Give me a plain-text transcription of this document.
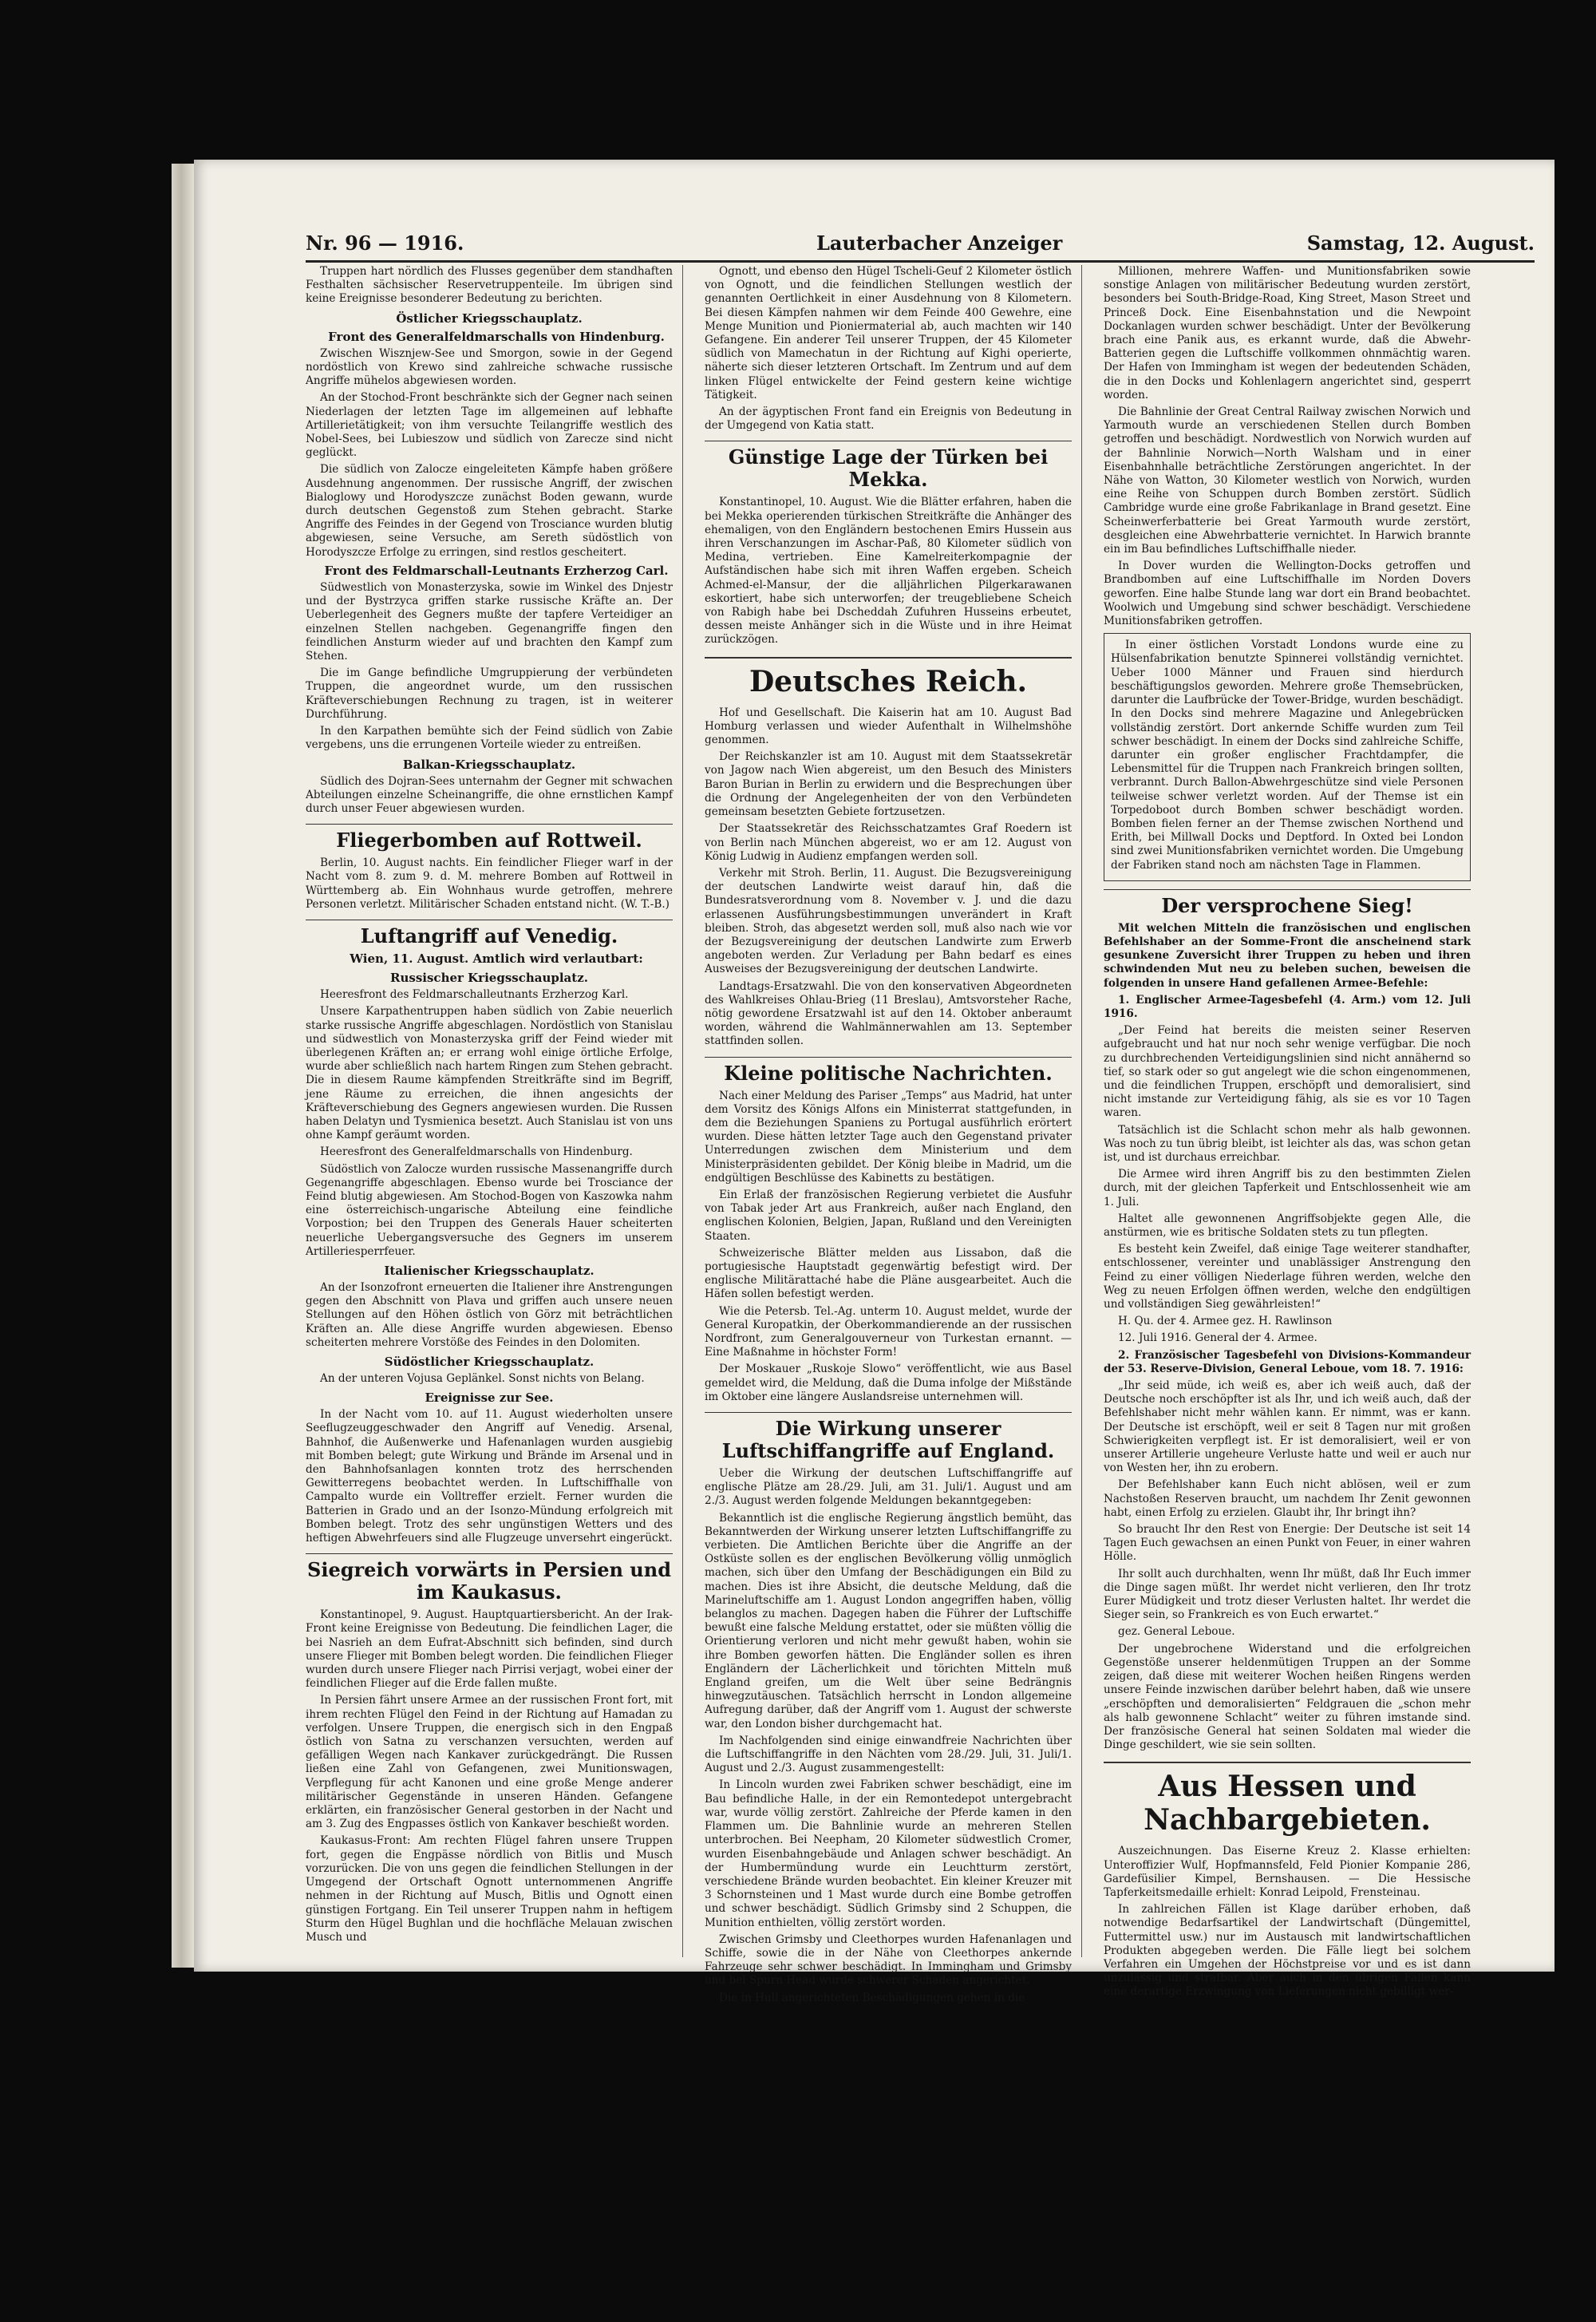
Nr. 96 — 1916.	Lauterbacher Anzeiger	Samstag, 12. August.

Truppen hart nördlich des Flusses gegenüber dem standhaften Festhalten sächsischer Reservetruppenteile. Im übrigen sind keine Ereignisse besonderer Bedeutung zu berichten.

Östlicher Kriegsschauplatz.

Front des Generalfeldmarschalls von Hindenburg.

Zwischen Wisznjew-See und Smorgon, sowie in der Gegend nordöstlich von Krewo sind zahlreiche schwache russische Angriffe mühelos abgewiesen worden.

An der Stochod-Front beschränkte sich der Gegner nach seinen Niederlagen der letzten Tage im allgemeinen auf lebhafte Artillerietätigkeit; von ihm versuchte Teilangriffe westlich des Nobel-Sees, bei Lubieszow und südlich von Zarecze sind nicht geglückt.

Die südlich von Zalocze eingeleiteten Kämpfe haben größere Ausdehnung angenommen. Der russische Angriff, der zwischen Bialoglowy und Horodyszcze zunächst Boden gewann, wurde durch deutschen Gegenstoß zum Stehen gebracht. Starke Angriffe des Feindes in der Gegend von Trosciance wurden blutig abgewiesen, seine Versuche, am Sereth südöstlich von Horodyszcze Erfolge zu erringen, sind restlos gescheitert.

Front des Feldmarschall-Leutnants Erzherzog Carl.

Südwestlich von Monasterzyska, sowie im Winkel des Dnjestr und der Bystrzyca griffen starke russische Kräfte an. Der Ueberlegenheit des Gegners mußte der tapfere Verteidiger an einzelnen Stellen nachgeben. Gegenangriffe fingen den feindlichen Ansturm wieder auf und brachten den Kampf zum Stehen.

Die im Gange befindliche Umgruppierung der verbündeten Truppen, die angeordnet wurde, um den russischen Kräfteverschiebungen Rechnung zu tragen, ist in weiterer Durchführung.

In den Karpathen bemühte sich der Feind südlich von Zabie vergebens, uns die errungenen Vorteile wieder zu entreißen.

Balkan-Kriegsschauplatz.

Südlich des Dojran-Sees unternahm der Gegner mit schwachen Abteilungen einzelne Scheinangriffe, die ohne ernstlichen Kampf durch unser Feuer abgewiesen wurden.

Fliegerbomben auf Rottweil.

Berlin, 10. August nachts. Ein feindlicher Flieger warf in der Nacht vom 8. zum 9. d. M. mehrere Bomben auf Rottweil in Württemberg ab. Ein Wohnhaus wurde getroffen, mehrere Personen verletzt. Militärischer Schaden entstand nicht. (W. T.-B.)

Luftangriff auf Venedig.

Wien, 11. August. Amtlich wird verlautbart:

Russischer Kriegsschauplatz.

Heeresfront des Feldmarschalleutnants Erzherzog Karl.

Unsere Karpathentruppen haben südlich von Zabie neuerlich starke russische Angriffe abgeschlagen. Nordöstlich von Stanislau und südwestlich von Monasterzyska griff der Feind wieder mit überlegenen Kräften an; er errang wohl einige örtliche Erfolge, wurde aber schließlich nach hartem Ringen zum Stehen gebracht. Die in diesem Raume kämpfenden Streitkräfte sind im Begriff, jene Räume zu erreichen, die ihnen angesichts der Kräfteverschiebung des Gegners angewiesen wurden. Die Russen haben Delatyn und Tysmienica besetzt. Auch Stanislau ist von uns ohne Kampf geräumt worden.

Heeresfront des Generalfeldmarschalls von Hindenburg.

Südöstlich von Zalocze wurden russische Massenangriffe durch Gegenangriffe abgeschlagen. Ebenso wurde bei Trosciance der Feind blutig abgewiesen. Am Stochod-Bogen von Kaszowka nahm eine österreichisch-ungarische Abteilung eine feindliche Vorpostion; bei den Truppen des Generals Hauer scheiterten neuerliche Uebergangsversuche des Gegners im unserem Artilleriesperrfeuer.

Italienischer Kriegsschauplatz.

An der Isonzofront erneuerten die Italiener ihre Anstrengungen gegen den Abschnitt von Plava und griffen auch unsere neuen Stellungen auf den Höhen östlich von Görz mit beträchtlichen Kräften an. Alle diese Angriffe wurden abgewiesen. Ebenso scheiterten mehrere Vorstöße des Feindes in den Dolomiten.

Südöstlicher Kriegsschauplatz.

An der unteren Vojusa Geplänkel. Sonst nichts von Belang.

Ereignisse zur See.

In der Nacht vom 10. auf 11. August wiederholten unsere Seeflugzeuggeschwader den Angriff auf Venedig. Arsenal, Bahnhof, die Außenwerke und Hafenanlagen wurden ausgiebig mit Bomben belegt; gute Wirkung und Brände im Arsenal und in den Bahnhofsanlagen konnten trotz des herrschenden Gewitterregens beobachtet werden. In Luftschiffhalle von Campalto wurde ein Volltreffer erzielt. Ferner wurden die Batterien in Grado und an der Isonzo-Mündung erfolgreich mit Bomben belegt. Trotz des sehr ungünstigen Wetters und des heftigen Abwehrfeuers sind alle Flugzeuge unversehrt eingerückt.

Siegreich vorwärts in Persien und im Kaukasus.

Konstantinopel, 9. August. Hauptquartiersbericht. An der Irak-Front keine Ereignisse von Bedeutung. Die feindlichen Lager, die bei Nasrieh an dem Eufrat-Abschnitt sich befinden, sind durch unsere Flieger mit Bomben belegt worden. Die feindlichen Flieger wurden durch unsere Flieger nach Pirrisi verjagt, wobei einer der feindlichen Flieger auf die Erde fallen mußte.

In Persien fährt unsere Armee an der russischen Front fort, mit ihrem rechten Flügel den Feind in der Richtung auf Hamadan zu verfolgen. Unsere Truppen, die energisch sich in den Engpaß östlich von Satna zu verschanzen versuchten, werden auf gefälligen Wegen nach Kankaver zurückgedrängt. Die Russen ließen eine Zahl von Gefangenen, zwei Munitionswagen, Verpflegung für acht Kanonen und eine große Menge anderer militärischer Gegenstände in unseren Händen. Gefangene erklärten, ein französischer General gestorben in der Nacht und am 3. Zug des Engpasses östlich von Kankaver beschießt worden.

Kaukasus-Front: Am rechten Flügel fahren unsere Truppen fort, gegen die Engpässe nördlich von Bitlis und Musch vorzurücken. Die von uns gegen die feindlichen Stellungen in der Umgegend der Ortschaft Ognott unternommenen Angriffe nehmen in der Richtung auf Musch, Bitlis und Ognott einen günstigen Fortgang. Ein Teil unserer Truppen nahm in heftigem Sturm den Hügel Bughlan und die hochfläche Melauan zwischen Musch und

Ognott, und ebenso den Hügel Tscheli-Geuf 2 Kilometer östlich von Ognott, und die feindlichen Stellungen westlich der genannten Oertlichkeit in einer Ausdehnung von 8 Kilometern. Bei diesen Kämpfen nahmen wir dem Feinde 400 Gewehre, eine Menge Munition und Pioniermaterial ab, auch machten wir 140 Gefangene. Ein anderer Teil unserer Truppen, der 45 Kilometer südlich von Mamechatun in der Richtung auf Kighi operierte, näherte sich dieser letzteren Ortschaft. Im Zentrum und auf dem linken Flügel entwickelte der Feind gestern keine wichtige Tätigkeit.

An der ägyptischen Front fand ein Ereignis von Bedeutung in der Umgegend von Katia statt.

Günstige Lage der Türken bei Mekka.

Konstantinopel, 10. August. Wie die Blätter erfahren, haben die bei Mekka operierenden türkischen Streitkräfte die Anhänger des ehemaligen, von den Engländern bestochenen Emirs Hussein aus ihren Verschanzungen im Aschar-Paß, 80 Kilometer südlich von Medina, vertrieben. Eine Kamelreiterkompagnie der Aufständischen habe sich mit ihren Waffen ergeben. Scheich Achmed-el-Mansur, der die alljährlichen Pilgerkarawanen eskortiert, habe sich unterworfen; der treugebliebene Scheich von Rabigh habe bei Dscheddah Zufuhren Husseins erbeutet, dessen meiste Anhänger sich in die Wüste und in ihre Heimat zurückzögen.

Deutsches Reich.

Hof und Gesellschaft. Die Kaiserin hat am 10. August Bad Homburg verlassen und wieder Aufenthalt in Wilhelmshöhe genommen.

Der Reichskanzler ist am 10. August mit dem Staatssekretär von Jagow nach Wien abgereist, um den Besuch des Ministers Baron Burian in Berlin zu erwidern und die Besprechungen über die Ordnung der Angelegenheiten der von den Verbündeten gemeinsam besetzten Gebiete fortzusetzen.

Der Staatssekretär des Reichsschatzamtes Graf Roedern ist von Berlin nach München abgereist, wo er am 12. August von König Ludwig in Audienz empfangen werden soll.

Verkehr mit Stroh. Berlin, 11. August. Die Bezugsvereinigung der deutschen Landwirte weist darauf hin, daß die Bundesratsverordnung vom 8. November v. J. und die dazu erlassenen Ausführungsbestimmungen unverändert in Kraft bleiben. Stroh, das abgesetzt werden soll, muß also nach wie vor der Bezugsvereinigung der deutschen Landwirte zum Erwerb angeboten werden. Zur Verladung per Bahn bedarf es eines Ausweises der Bezugsvereinigung der deutschen Landwirte.

Landtags-Ersatzwahl. Die von den konservativen Abgeordneten des Wahlkreises Ohlau-Brieg (11 Breslau), Amtsvorsteher Rache, nötig gewordene Ersatzwahl ist auf den 14. Oktober anberaumt worden, während die Wahlmännerwahlen am 13. September stattfinden sollen.

Kleine politische Nachrichten.

Nach einer Meldung des Pariser „Temps“ aus Madrid, hat unter dem Vorsitz des Königs Alfons ein Ministerrat stattgefunden, in dem die Beziehungen Spaniens zu Portugal ausführlich erörtert wurden. Diese hätten letzter Tage auch den Gegenstand privater Unterredungen zwischen dem Ministerium und dem Ministerpräsidenten gebildet. Der König bleibe in Madrid, um die endgültigen Beschlüsse des Kabinetts zu bestätigen.

Ein Erlaß der französischen Regierung verbietet die Ausfuhr von Tabak jeder Art aus Frankreich, außer nach England, den englischen Kolonien, Belgien, Japan, Rußland und den Vereinigten Staaten.

Schweizerische Blätter melden aus Lissabon, daß die portugiesische Hauptstadt gegenwärtig befestigt wird. Der englische Militärattaché habe die Pläne ausgearbeitet. Auch die Häfen sollen befestigt werden.

Wie die Petersb. Tel.-Ag. unterm 10. August meldet, wurde der General Kuropatkin, der Oberkommandierende an der russischen Nordfront, zum Generalgouverneur von Turkestan ernannt. — Eine Maßnahme in höchster Form!

Der Moskauer „Ruskoje Slowo“ veröffentlicht, wie aus Basel gemeldet wird, die Meldung, daß die Duma infolge der Mißstände im Oktober eine längere Auslandsreise unternehmen will.

Die Wirkung unserer Luftschiffangriffe auf England.

Ueber die Wirkung der deutschen Luftschiffangriffe auf englische Plätze am 28./29. Juli, am 31. Juli/1. August und am 2./3. August werden folgende Meldungen bekanntgegeben:

Bekanntlich ist die englische Regierung ängstlich bemüht, das Bekanntwerden der Wirkung unserer letzten Luftschiffangriffe zu verbieten. Die Amtlichen Berichte über die Angriffe an der Ostküste sollen es der englischen Bevölkerung völlig unmöglich machen, sich über den Umfang der Beschädigungen ein Bild zu machen. Dies ist ihre Absicht, die deutsche Meldung, daß die Marineluftschiffe am 1. August London angegriffen haben, völlig belanglos zu machen. Dagegen haben die Führer der Luftschiffe bewußt eine falsche Meldung erstattet, oder sie müßten völlig die Orientierung verloren und nicht mehr gewußt haben, wohin sie ihre Bomben geworfen hätten. Die Engländer sollen es ihren Engländern der Lächerlichkeit und törichten Mitteln muß England greifen, um die Welt über seine Bedrängnis hinwegzutäuschen. Tatsächlich herrscht in London allgemeine Aufregung darüber, daß der Angriff vom 1. August der schwerste war, den London bisher durchgemacht hat.

Im Nachfolgenden sind einige einwandfreie Nachrichten über die Luftschiffangriffe in den Nächten vom 28./29. Juli, 31. Juli/1. August und 2./3. August zusammengestellt:

In Lincoln wurden zwei Fabriken schwer beschädigt, eine im Bau befindliche Halle, in der ein Remontedepot untergebracht war, wurde völlig zerstört. Zahlreiche der Pferde kamen in den Flammen um. Die Bahnlinie wurde an mehreren Stellen unterbrochen. Bei Neepham, 20 Kilometer südwestlich Cromer, wurden Eisenbahngebäude und Anlagen schwer beschädigt. An der Humbermündung wurde ein Leuchtturm zerstört, verschiedene Brände wurden beobachtet. Ein kleiner Kreuzer mit 3 Schornsteinen und 1 Mast wurde durch eine Bombe getroffen und schwer beschädigt. Südlich Grimsby sind 2 Schuppen, die Munition enthielten, völlig zerstört worden.

Zwischen Grimsby und Cleethorpes wurden Hafenanlagen und Schiffe, sowie die in der Nähe von Cleethorpes ankernde Fahrzeuge sehr schwer beschädigt. In Immingham und Grimsby und bei Spurn Head wurde schwerer Schaden angerichtet.

Die in Hull angerichteten Beschädigungen gehen in die

Millionen, mehrere Waffen- und Munitionsfabriken sowie sonstige Anlagen von militärischer Bedeutung wurden zerstört, besonders bei South-Bridge-Road, King Street, Mason Street und Princeß Dock. Eine Eisenbahnstation und die Newpoint Dockanlagen wurden schwer beschädigt. Unter der Bevölkerung brach eine Panik aus, es erkannt wurde, daß die Abwehr-Batterien gegen die Luftschiffe vollkommen ohnmächtig waren. Der Hafen von Immingham ist wegen der bedeutenden Schäden, die in den Docks und Kohlenlagern angerichtet sind, gesperrt worden.

Die Bahnlinie der Great Central Railway zwischen Norwich und Yarmouth wurde an verschiedenen Stellen durch Bomben getroffen und beschädigt. Nordwestlich von Norwich wurden auf der Bahnlinie Norwich—North Walsham und in einer Eisenbahnhalle beträchtliche Zerstörungen angerichtet. In der Nähe von Watton, 30 Kilometer westlich von Norwich, wurden eine Reihe von Schuppen durch Bomben zerstört. Südlich Cambridge wurde eine große Fabrikanlage in Brand gesetzt. Eine Scheinwerferbatterie bei Great Yarmouth wurde zerstört, desgleichen eine Abwehrbatterie vernichtet. In Harwich brannte ein im Bau befindliches Luftschiffhalle nieder.

In Dover wurden die Wellington-Docks getroffen und Brandbomben auf eine Luftschiffhalle im Norden Dovers geworfen. Eine halbe Stunde lang war dort ein Brand beobachtet. Woolwich und Umgebung sind schwer beschädigt. Verschiedene Munitionsfabriken getroffen.

In einer östlichen Vorstadt Londons wurde eine zu Hülsenfabrikation benutzte Spinnerei vollständig vernichtet. Ueber 1000 Männer und Frauen sind hierdurch beschäftigungslos geworden. Mehrere große Themsebrücken, darunter die Laufbrücke der Tower-Bridge, wurden beschädigt. In den Docks sind mehrere Magazine und Anlegebrücken vollständig zerstört. Dort ankernde Schiffe wurden zum Teil schwer beschädigt. In einem der Docks sind zahlreiche Schiffe, darunter ein großer englischer Frachtdampfer, die Lebensmittel für die Truppen nach Frankreich bringen sollten, verbrannt. Durch Ballon-Abwehrgeschütze sind viele Personen teilweise schwer verletzt worden. Auf der Themse ist ein Torpedoboot durch Bomben schwer beschädigt worden. Bomben fielen ferner an der Themse zwischen Northend und Erith, bei Millwall Docks und Deptford. In Oxted bei London sind zwei Munitionsfabriken vernichtet worden. Die Umgebung der Fabriken stand noch am nächsten Tage in Flammen.

Der versprochene Sieg!

Mit welchen Mitteln die französischen und englischen Befehlshaber an der Somme-Front die anscheinend stark gesunkene Zuversicht ihrer Truppen zu heben und ihren schwindenden Mut neu zu beleben suchen, beweisen die folgenden in unsere Hand gefallenen Armee-Befehle:

1. Englischer Armee-Tagesbefehl (4. Arm.) vom 12. Juli 1916.

„Der Feind hat bereits die meisten seiner Reserven aufgebraucht und hat nur noch sehr wenige verfügbar. Die noch zu durchbrechenden Verteidigungslinien sind nicht annähernd so tief, so stark oder so gut angelegt wie die schon eingenommenen, und die feindlichen Truppen, erschöpft und demoralisiert, sind nicht imstande zur Verteidigung fähig, als sie es vor 10 Tagen waren.

Tatsächlich ist die Schlacht schon mehr als halb gewonnen. Was noch zu tun übrig bleibt, ist leichter als das, was schon getan ist, und ist durchaus erreichbar.

Die Armee wird ihren Angriff bis zu den bestimmten Zielen durch, mit der gleichen Tapferkeit und Entschlossenheit wie am 1. Juli.

Haltet alle gewonnenen Angriffsobjekte gegen Alle, die anstürmen, wie es britische Soldaten stets zu tun pflegten.

Es besteht kein Zweifel, daß einige Tage weiterer standhafter, entschlossener, vereinter und unablässiger Anstrengung den Feind zu einer völligen Niederlage führen werden, welche den Weg zu neuen Erfolgen öffnen werden, welche den endgültigen und vollständigen Sieg gewährleisten!“

H. Qu. der 4. Armee gez. H. Rawlinson

12. Juli 1916. General der 4. Armee.

2. Französischer Tagesbefehl von Divisions-Kommandeur der 53. Reserve-Division, General Leboue, vom 18. 7. 1916:

„Ihr seid müde, ich weiß es, aber ich weiß auch, daß der Deutsche noch erschöpfter ist als Ihr, und ich weiß auch, daß der Befehlshaber nicht mehr wählen kann. Er nimmt, was er kann. Der Deutsche ist erschöpft, weil er seit 8 Tagen nur mit großen Schwierigkeiten verpflegt ist. Er ist demoralisiert, weil er von unserer Artillerie ungeheure Verluste hatte und weil er auch nur von Westen her, ihn zu erobern.

Der Befehlshaber kann Euch nicht ablösen, weil er zum Nachstoßen Reserven braucht, um nachdem Ihr Zenit gewonnen habt, einen Erfolg zu erzielen. Glaubt ihr, Ihr bringt ihn?

So braucht Ihr den Rest von Energie: Der Deutsche ist seit 14 Tagen Euch gewachsen an einen Punkt von Feuer, in einer wahren Hölle.

Ihr sollt auch durchhalten, wenn Ihr müßt, daß Ihr Euch immer die Dinge sagen müßt. Ihr werdet nicht verlieren, den Ihr trotz Eurer Müdigkeit und trotz dieser Verlusten haltet. Ihr werdet die Sieger sein, so Frankreich es von Euch erwartet.“

gez. General Leboue.

Der ungebrochene Widerstand und die erfolgreichen Gegenstöße unserer heldenmütigen Truppen an der Somme zeigen, daß diese mit weiterer Wochen heißen Ringens werden unsere Feinde inzwischen darüber belehrt haben, daß wie unsere „erschöpften und demoralisierten“ Feldgrauen die „schon mehr als halb gewonnene Schlacht“ weiter zu führen imstande sind. Der französische General hat seinen Soldaten mal wieder die Dinge geschildert, wie sie sein sollten.

Aus Hessen und Nachbargebieten.

Auszeichnungen. Das Eiserne Kreuz 2. Klasse erhielten: Unteroffizier Wulf, Hopfmannsfeld, Feld Pionier Kompanie 286, Gardefüsilier Kimpel, Bernshausen. — Die Hessische Tapferkeitsmedaille erhielt: Konrad Leipold, Frensteinau.

In zahlreichen Fällen ist Klage darüber erhoben, daß notwendige Bedarfsartikel der Landwirtschaft (Düngemittel, Futtermittel usw.) nur im Austausch mit landwirtschaftlichen Produkten abgegeben werden. Die Fälle liegt bei solchem Verfahren ein Umgehen der Höchstpreise vor und es ist dann unzulässig und strafbar. Aber auch in den übrigen Fällen kann eine derartige Erzwingung von Lieferungen nicht gebilligt wer-
